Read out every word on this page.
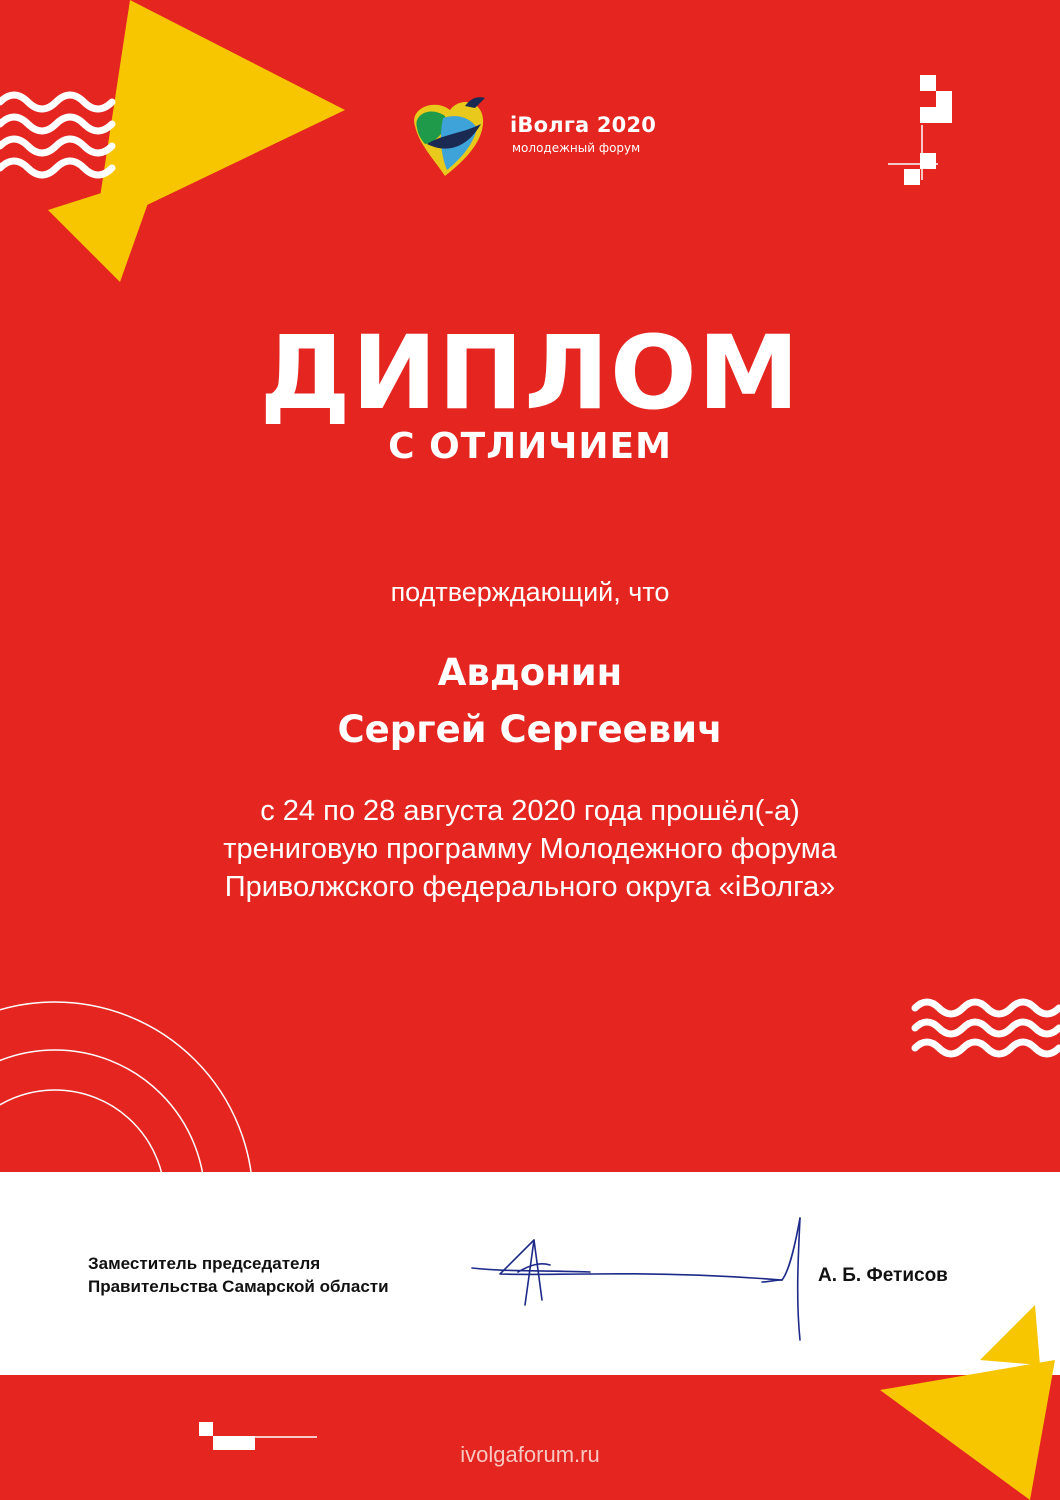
iВолга 2020
молодежный форум
ДИПЛОМ
С ОТЛИЧИЕМ
подтверждающий, что
Авдонин
Сергей Сергеевич
с 24 по 28 августа 2020 года прошёл(-а)
трениговую программу Молодежного форума
Приволжского федерального округа «iВолга»
Заместитель председателя
Правительства Самарской области
А. Б. Фетисов
ivolgaforum.ru
